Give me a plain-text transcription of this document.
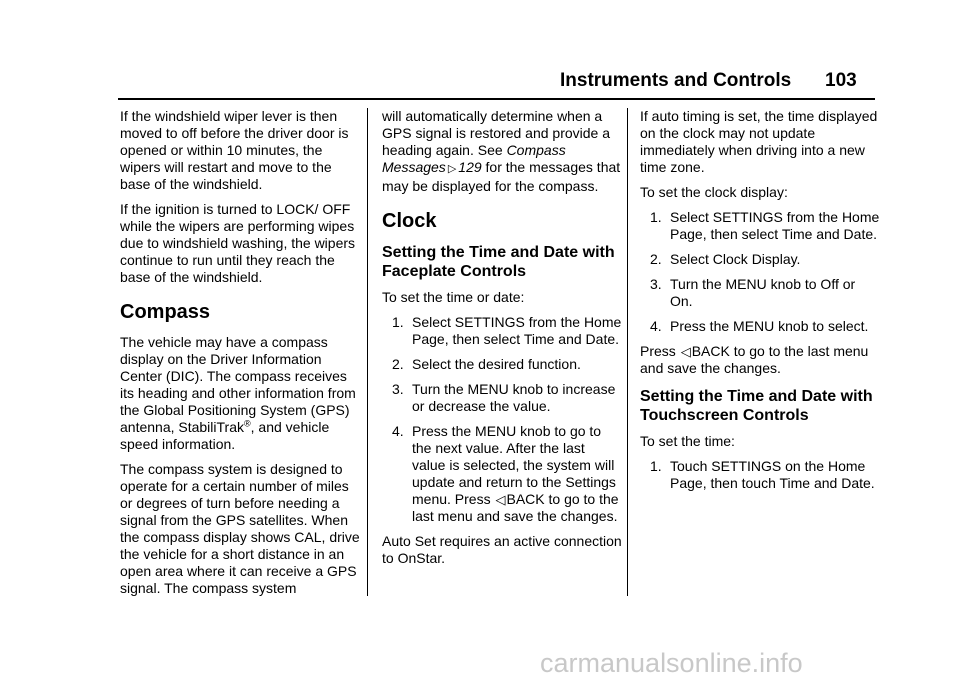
Instruments and Controls 103

If the windshield wiper lever is then moved to off before the driver door is opened or within 10 minutes, the wipers will restart and move to the base of the windshield.

If the ignition is turned to LOCK/ OFF while the wipers are performing wipes due to windshield washing, the wipers continue to run until they reach the base of the windshield.

Compass

The vehicle may have a compass display on the Driver Information Center (DIC). The compass receives its heading and other information from the Global Positioning System (GPS) antenna, StabiliTrak®, and vehicle speed information.

The compass system is designed to operate for a certain number of miles or degrees of turn before needing a signal from the GPS satellites. When the compass display shows CAL, drive the vehicle for a short distance in an open area where it can receive a GPS signal. The compass system

will automatically determine when a GPS signal is restored and provide a heading again. See Compass Messages ▷ 129 for the messages that may be displayed for the compass.

Clock
Setting the Time and Date with Faceplate Controls

To set the time or date:

1. Select SETTINGS from the Home Page, then select Time and Date.
2. Select the desired function.
3. Turn the MENU knob to increase or decrease the value.
4. Press the MENU knob to go to the next value. After the last value is selected, the system will update and return to the Settings menu. Press ◁BACK to go to the last menu and save the changes.

Auto Set requires an active connection to OnStar.

If auto timing is set, the time displayed on the clock may not update immediately when driving into a new time zone.

To set the clock display:

1. Select SETTINGS from the Home Page, then select Time and Date.
2. Select Clock Display.
3. Turn the MENU knob to Off or On.
4. Press the MENU knob to select.

Press ◁BACK to go to the last menu and save the changes.

Setting the Time and Date with Touchscreen Controls

To set the time:

1. Touch SETTINGS on the Home Page, then touch Time and Date.
carmanualsonline.info
